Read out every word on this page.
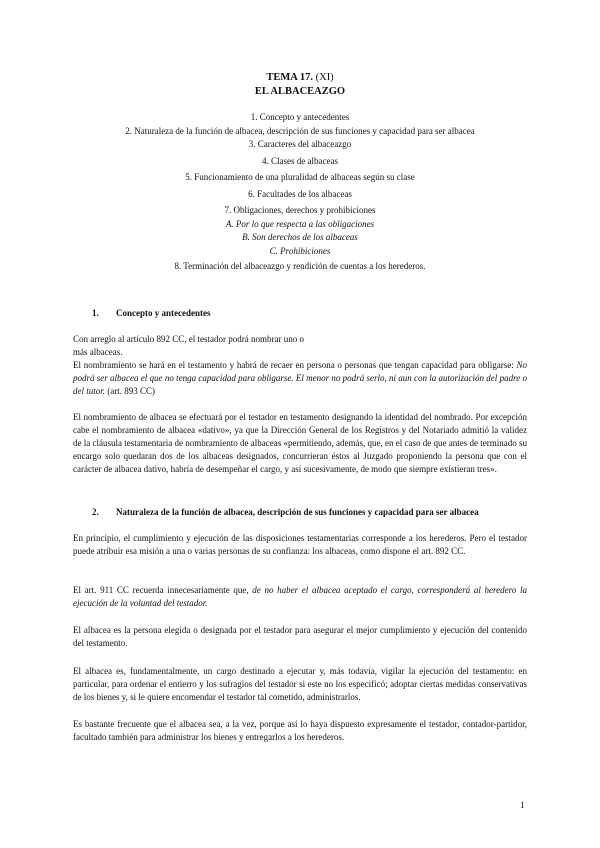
TEMA 17. (XI)
EL ALBACEAZGO
1. Concepto y antecedentes
2. Naturaleza de la función de albacea, descripción de sus funciones y capacidad para ser albacea
3. Caracteres del albaceazgo
4. Clases de albaceas
5. Funcionamiento de una pluralidad de albaceas según su clase
6. Facultades de los albaceas
7. Obligaciones, derechos y prohibiciones
A. Por lo que respecta a las obligaciones
B. Son derechos de los albaceas
C. Prohibiciones
8. Terminación del albaceazgo y rendición de cuentas a los herederos.
1. Concepto y antecedentes
Con arreglo al artículo 892 CC, el testador podrá nombrar uno o
más albaceas.
El nombramiento se hará en el testamento y habrá de recaer en persona o personas que tengan capacidad para obligarse: No podrá ser albacea el que no tenga capacidad para obligarse. El menor no podrá serlo, ni aun con la autorización del padre o del tutor. (art. 893 CC)
El nombramiento de albacea se efectuará por el testador en testamento designando la identidad del nombrado. Por excepción cabe el nombramiento de albacea «dativo», ya que la Dirección General de los Registros y del Notariado admitió la validez de la cláusula testamentaria de nombramiento de albaceas «permitiendo, además, que, en el caso de que antes de terminado su encargo solo quedaran dos de los albaceas designados, concurrieran éstos al Juzgado proponiendo la persona que con el carácter de albacea dativo, habría de desempeñar el cargo, y así sucesivamente, de modo que siempre existieran tres».
2. Naturaleza de la función de albacea, descripción de sus funciones y capacidad para ser albacea
En principio, el cumplimiento y ejecución de las disposiciones testamentarias corresponde a los herederos. Pero el testador puede atribuir esa misión a una o varias personas de su confianza: los albaceas, como dispone el art. 892 CC.
El art. 911 CC recuerda innecesariamente que, de no haber el albacea aceptado el cargo, corresponderá al heredero la ejecución de la voluntad del testador.
El albacea es la persona elegida o designada por el testador para asegurar el mejor cumplimiento y ejecución del contenido del testamento.
El albacea es, fundamentalmente, un cargo destinado a ejecutar y, más todavía, vigilar la ejecución del testamento: en particular, para ordenar el entierro y los sufragios del testador si este no los especificó; adoptar ciertas medidas conservativas de los bienes y, si le quiere encomendar el testador tal cometido, administrarlos.
Es bastante frecuente que el albacea sea, a la vez, porque así lo haya dispuesto expresamente el testador, contador-partidor, facultado también para administrar los bienes y entregarlos a los herederos.
1
